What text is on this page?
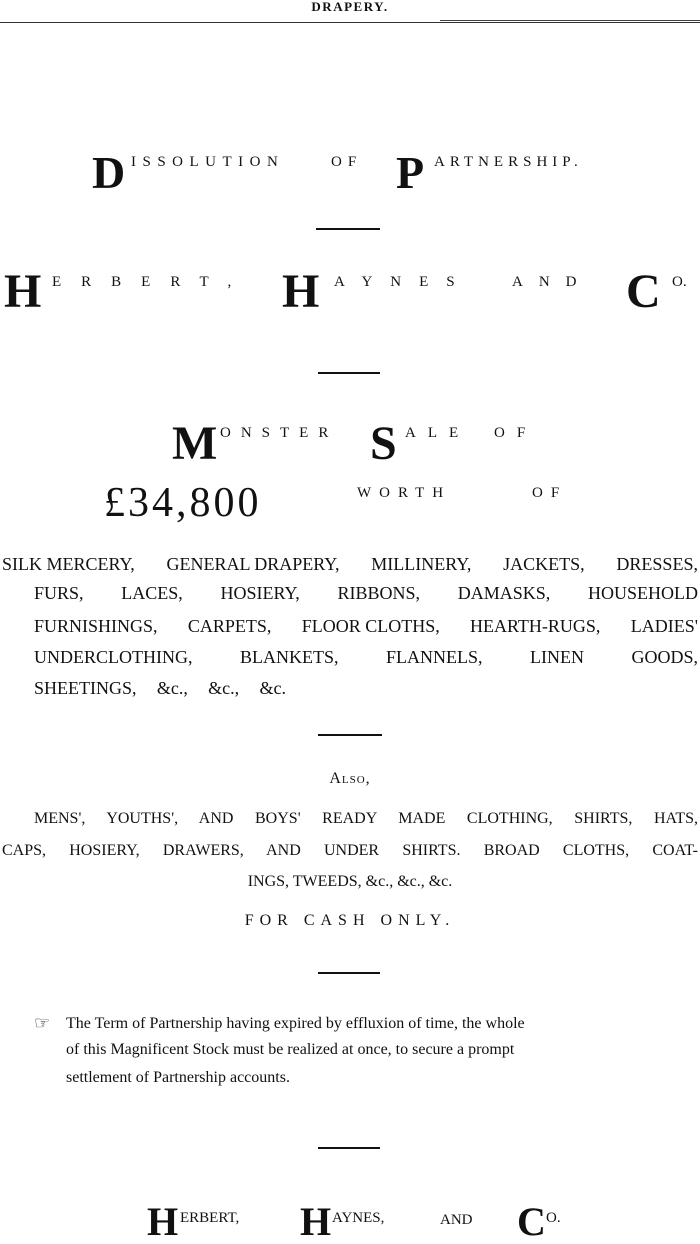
DRAPERY.
D ISSOLUTION	OF P ARTNERSHIP.
H ERBERT, H AYNES	AND C O.
M ONSTER S ALE OF
£34,800	WORTH	OF
SILK MERCERY, GENERAL DRAPERY, MILLINERY, JACKETS, DRESSES,
FURS, LACES, HOSIERY, RIBBONS, DAMASKS, HOUSEHOLD
FURNISHINGS, CARPETS, FLOOR CLOTHS, HEARTH-RUGS, LADIES'
UNDERCLOTHING,	BLANKETS,	FLANNELS,	LINEN	GOODS,
SHEETINGS, &c., &c., &c.
Also,
MENS', YOUTHS', AND BOYS' READY MADE CLOTHING, SHIRTS, HATS,
CAPS, HOSIERY, DRAWERS, AND UNDER SHIRTS. BROAD CLOTHS, COAT-
INGS, TWEEDS, &c., &c., &c.
FOR CASH ONLY.
☞ The Term of Partnership having expired by effluxion of time, the whole
of this Magnificent Stock must be realized at once, to secure a prompt
settlement of Partnership accounts.
H ERBERT, H AYNES,	AND C O.
